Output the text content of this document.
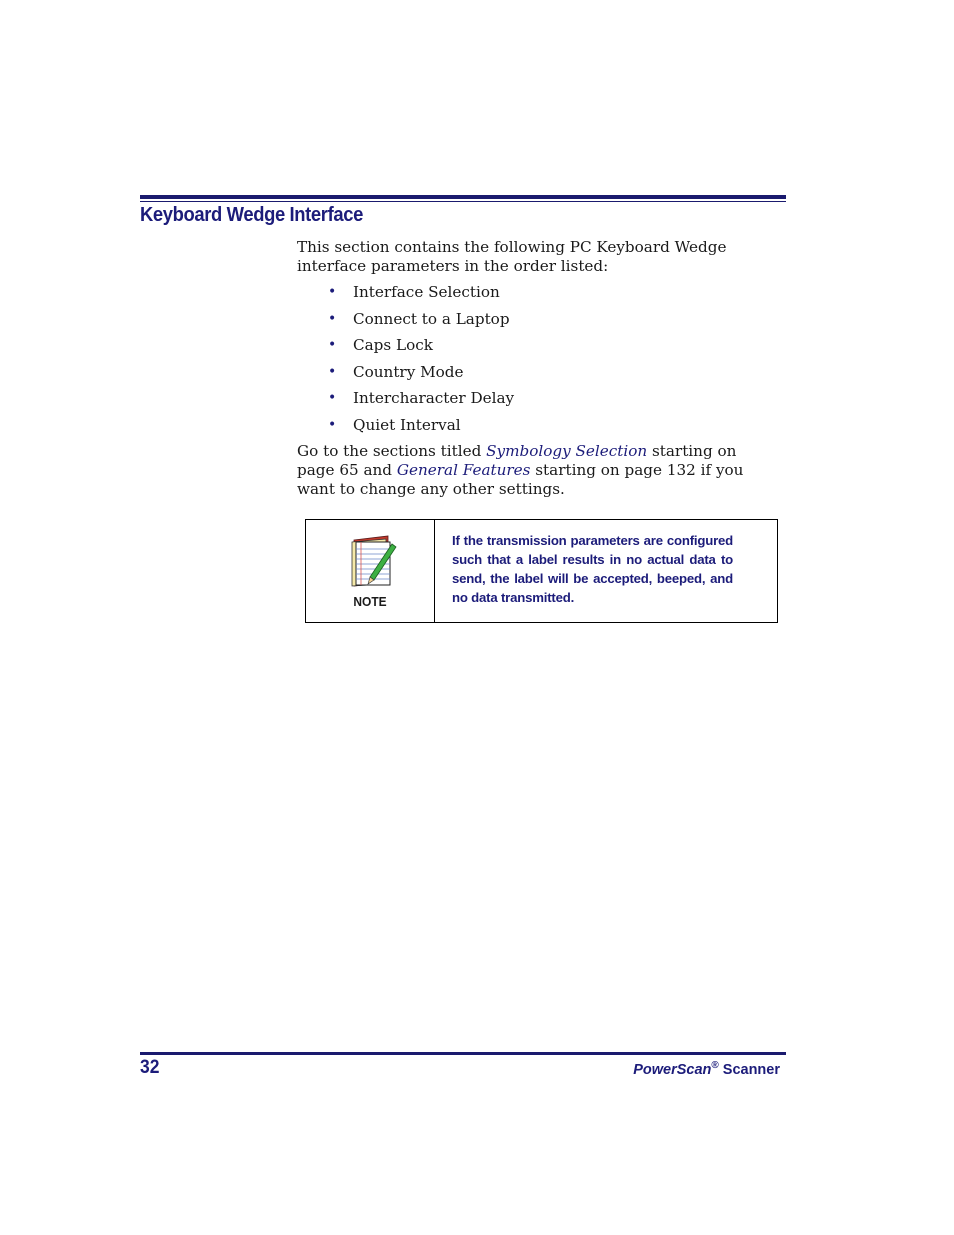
Keyboard Wedge Interface
This section contains the following PC Keyboard Wedge interface parameters in the order listed:
• Interface Selection
• Connect to a Laptop
• Caps Lock
• Country Mode
• Intercharacter Delay
• Quiet Interval
Go to the sections titled Symbology Selection starting on page 65 and General Features starting on page 132 if you want to change any other settings.
NOTE
If the transmission parameters are configured such that a label results in no actual data to send, the label will be accepted, beeped, and no data transmitted.
32	PowerScan® Scanner
